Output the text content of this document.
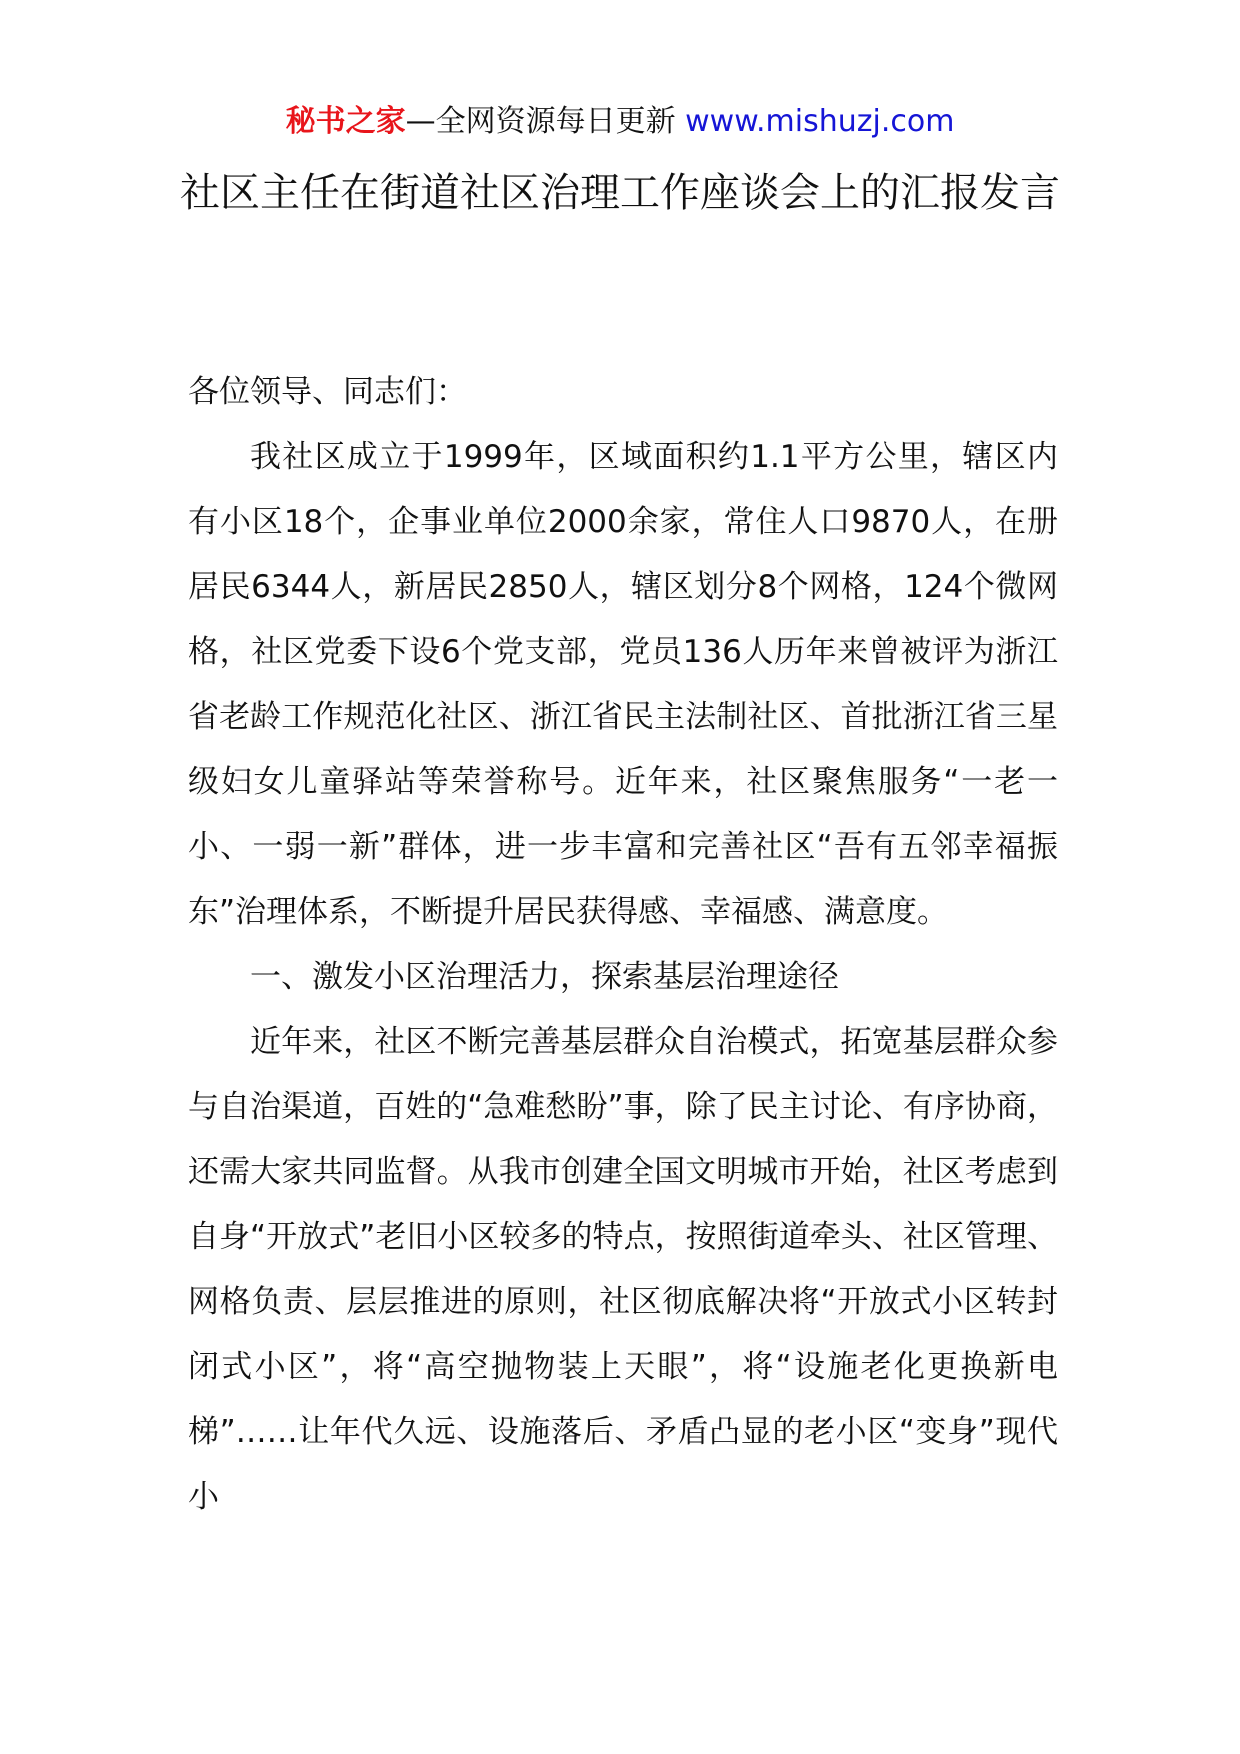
秘书之家—全网资源每日更新 www.mishuzj.com
社区主任在街道社区治理工作座谈会上的汇报发言

各位领导、同志们：

我社区成立于1999年，区域面积约1.1平方公里，辖区内有小区18个，企事业单位2000余家，常住人口9870人，在册居民6344人，新居民2850人，辖区划分8个网格，124个微网格，社区党委下设6个党支部，党员136人历年来曾被评为浙江省老龄工作规范化社区、浙江省民主法制社区、首批浙江省三星级妇女儿童驿站等荣誉称号。近年来，社区聚焦服务“一老一小、一弱一新”群体，进一步丰富和完善社区“吾有五邻幸福振东”治理体系，不断提升居民获得感、幸福感、满意度。

一、激发小区治理活力，探索基层治理途径

近年来，社区不断完善基层群众自治模式，拓宽基层群众参与自治渠道，百姓的“急难愁盼”事，除了民主讨论、有序协商，还需大家共同监督。从我市创建全国文明城市开始，社区考虑到自身“开放式”老旧小区较多的特点，按照街道牵头、社区管理、网格负责、层层推进的原则，社区彻底解决将“开放式小区转封闭式小区”，将“高空抛物装上天眼”，将“设施老化更换新电梯”……让年代久远、设施落后、矛盾凸显的老小区“变身”现代小
